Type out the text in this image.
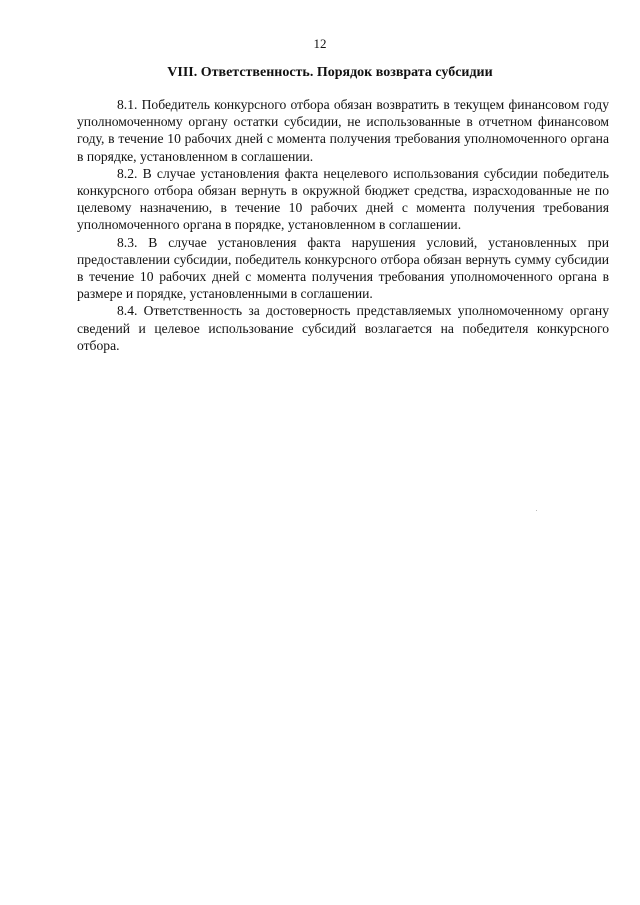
12
VIII. Ответственность. Порядок возврата субсидии

8.1. Победитель конкурсного отбора обязан возвратить в текущем финансовом году уполномоченному органу остатки субсидии, не использованные в отчетном финансовом году, в течение 10 рабочих дней с момента получения требования уполномоченного органа в порядке, установленном в соглашении.

8.2. В случае установления факта нецелевого использования субсидии победитель конкурсного отбора обязан вернуть в окружной бюджет средства, израсходованные не по целевому назначению, в течение 10 рабочих дней с момента получения требования уполномоченного органа в порядке, установленном в соглашении.

8.3. В случае установления факта нарушения условий, установленных при предоставлении субсидии, победитель конкурсного отбора обязан вернуть сумму субсидии в течение 10 рабочих дней с момента получения требования уполномоченного органа в размере и порядке, установленными в соглашении.

8.4. Ответственность за достоверность представляемых уполномоченному органу сведений и целевое использование субсидий возлагается на победителя конкурсного отбора.
